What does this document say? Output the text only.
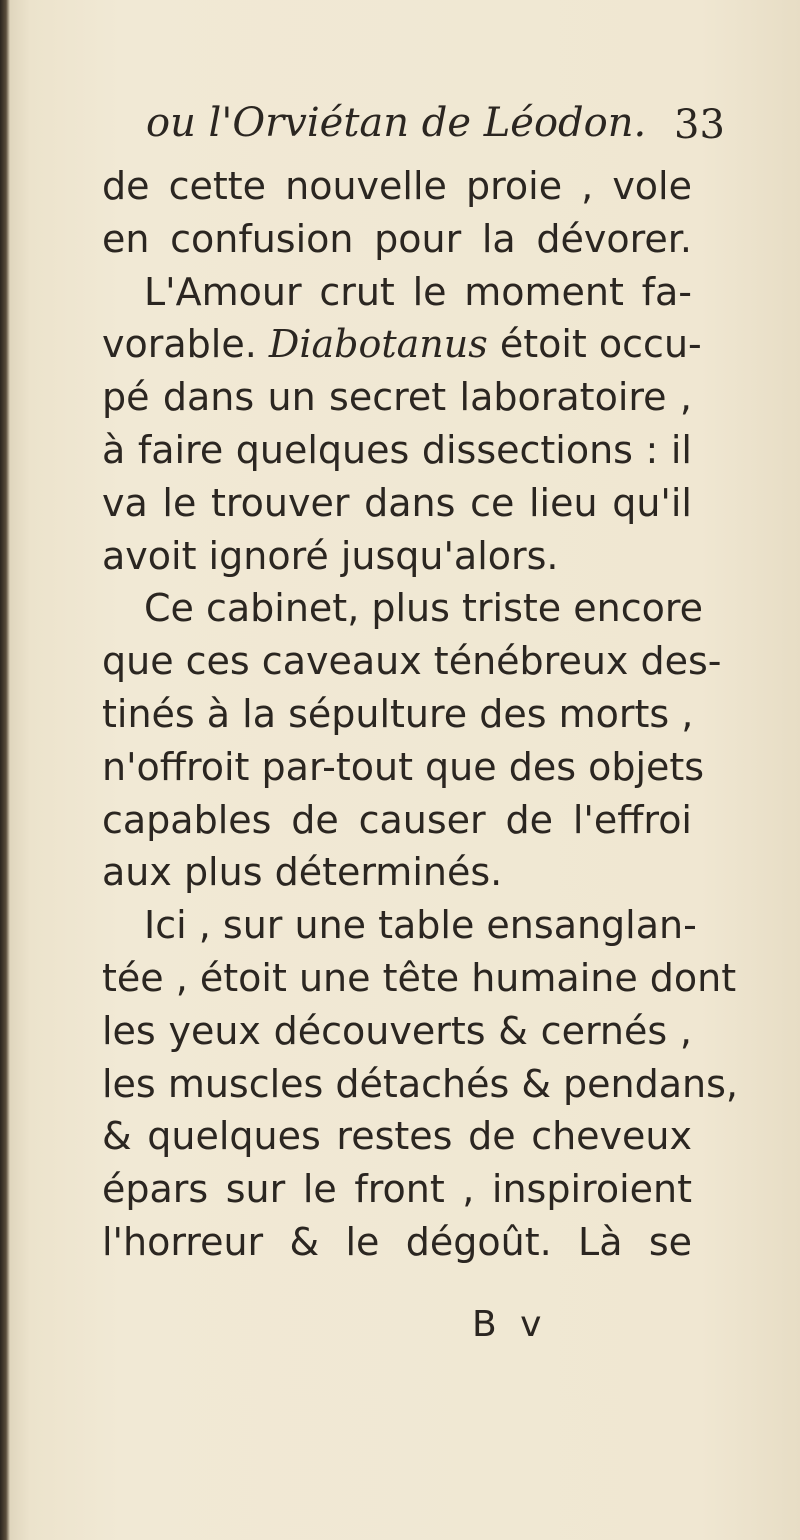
ou l'Orviétan de Léodon. 33
de cette nouvelle proie , vole
en confusion pour la dévorer.
L'Amour crut le moment fa-
vorable. Diabotanus étoit occu-
pé dans un secret laboratoire ,
à faire quelques dissections : il
va le trouver dans ce lieu qu'il
avoit ignoré jusqu'alors.
Ce cabinet, plus triste encore
que ces caveaux ténébreux des-
tinés à la sépulture des morts ,
n'offroit par-tout que des objets
capables de causer de l'effroi
aux plus déterminés.
Ici , sur une table ensanglan-
tée , étoit une tête humaine dont
les yeux découverts & cernés ,
les muscles détachés & pendans,
& quelques restes de cheveux
épars sur le front , inspiroient
l'horreur & le dégoût. Là se
B v
